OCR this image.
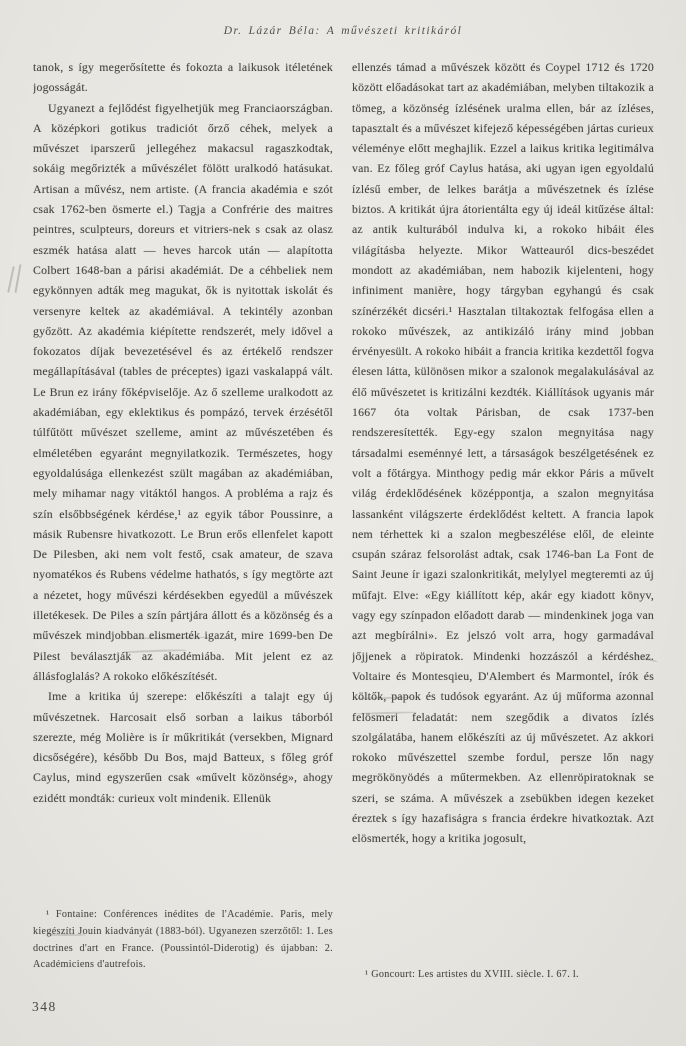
Dr. Lázár Béla: A művészeti kritikáról

tanok, s így megerősítette és fokozta a laikusok itéletének jogosságát.

Ugyanezt a fejlődést figyelhetjük meg Franciaországban. A középkori gotikus tradiciót őrző céhek, melyek a művészet iparszerű jellegéhez makacsul ragaszkodtak, sokáig megőrizték a művészélet fölött uralkodó hatásukat. Artisan a művész, nem artiste. (A francia akadémia e szót csak 1762-ben ösmerte el.) Tagja a Confrérie des maitres peintres, sculpteurs, doreurs et vitriers-nek s csak az olasz eszmék hatása alatt — heves harcok után — alapította Colbert 1648-ban a párisi akadémiát. De a céhbeliek nem egykönnyen adták meg magukat, ők is nyitottak iskolát és versenyre keltek az akadémiával. A tekintély azonban győzött. Az akadémia kiépítette rendszerét, mely idővel a fokozatos díjak bevezetésével és az értékelő rendszer megállapításával (tables de préceptes) igazi vaskalappá vált. Le Brun ez irány főképviselője. Az ő szelleme uralkodott az akadémiában, egy eklektikus és pompázó, tervek érzésétől túlfűtött művészet szelleme, amint az művészetében és elméletében egyaránt megnyilatkozik. Természetes, hogy egyoldalúsága ellenkezést szült magában az akadémiában, mely mihamar nagy vitáktól hangos. A probléma a rajz és szín elsőbbségének kérdése,¹ az egyik tábor Poussinre, a másik Rubensre hivatkozott. Le Brun erős ellenfelet kapott De Pilesben, aki nem volt festő, csak amateur, de szava nyomatékos és Rubens védelme hathatós, s így megtörte azt a nézetet, hogy művészi kérdésekben egyedül a művészek illetékesek. De Piles a szín pártjára állott és a közönség és a művészek mindjobban elismerték igazát, mire 1699-ben De Pilest beválasztják az akadémiába. Mit jelent ez az állásfoglalás? A rokoko előkészítését.

Ime a kritika új szerepe: előkészíti a talajt egy új művészetnek. Harcosait első sorban a laikus táborból szerezte, még Molière is ír műkritikát (versekben, Mignard dicsőségére), később Du Bos, majd Batteux, s főleg gróf Caylus, mind egyszerűen csak «művelt közönség», ahogy ezidétt mondták: curieux volt mindenik. Ellenük

ellenzés támad a művészek között és Coypel 1712 és 1720 között előadásokat tart az akadémiában, melyben tiltakozik a tömeg, a közönség ízlésének uralma ellen, bár az ízléses, tapasztalt és a művészet kifejező képességében jártas curieux véleménye előtt meghajlik. Ezzel a laikus kritika legitimálva van. Ez főleg gróf Caylus hatása, aki ugyan igen egyoldalú ízlésű ember, de lelkes barátja a művészetnek és ízlése biztos. A kritikát újra átorientálta egy új ideál kitűzése által: az antik kulturából indulva ki, a rokoko hibáit éles világításba helyezte. Mikor Watteauról dics-beszédet mondott az akadémiában, nem habozik kijelenteni, hogy infiniment manière, hogy tárgyban egyhangú és csak színérzékét dicséri.¹ Hasztalan tiltakoztak felfogása ellen a rokoko művészek, az antikizáló irány mind jobban érvényesült. A rokoko hibáit a francia kritika kezdettől fogva élesen látta, különösen mikor a szalonok megalakulásával az élő művészetet is kritizálni kezdték. Kiállítások ugyanis már 1667 óta voltak Párisban, de csak 1737-ben rendszeresítették. Egy-egy szalon megnyitása nagy társadalmi eseménnyé lett, a társaságok beszélgetésének ez volt a főtárgya. Minthogy pedig már ekkor Páris a művelt világ érdeklődésének középpontja, a szalon megnyitása lassanként világszerte érdeklődést keltett. A francia lapok nem térhettek ki a szalon megbeszélése elől, de eleinte csupán száraz felsorolást adtak, csak 1746-ban La Font de Saint Jeune ír igazi szalonkritikát, melylyel megteremti az új műfajt. Elve: «Egy kiállított kép, akár egy kiadott könyv, vagy egy színpadon előadott darab — mindenkinek joga van azt megbírálni». Ez jelszó volt arra, hogy garmadával jőjjenek a röpiratok. Mindenki hozzászól a kérdéshez. Voltaire és Montesqieu, D'Alembert és Marmontel, írók és költők, papok és tudósok egyaránt. Az új műforma azonnal felösmeri feladatát: nem szegődik a divatos ízlés szolgálatába, hanem előkészíti az új művészetet. Az akkori rokoko művészettel szembe fordul, persze lőn nagy megrökönyödés a műtermekben. Az ellenröpiratoknak se szeri, se száma. A művészek a zsebükben idegen kezeket éreztek s így hazafiságra s francia érdekre hivatkoztak. Azt elösmerték, hogy a kritika jogosult,

¹ Fontaine: Conférences inédites de l'Académie. Paris, mely kiegészíti Jouin kiadványát (1883-ból). Ugyanezen szerzőtől: 1. Les doctrines d'art en France. (Poussintól-Diderotig) és újabban: 2. Académiciens d'autrefois.

¹ Goncourt: Les artistes du XVIII. siècle. I. 67. l.

348
